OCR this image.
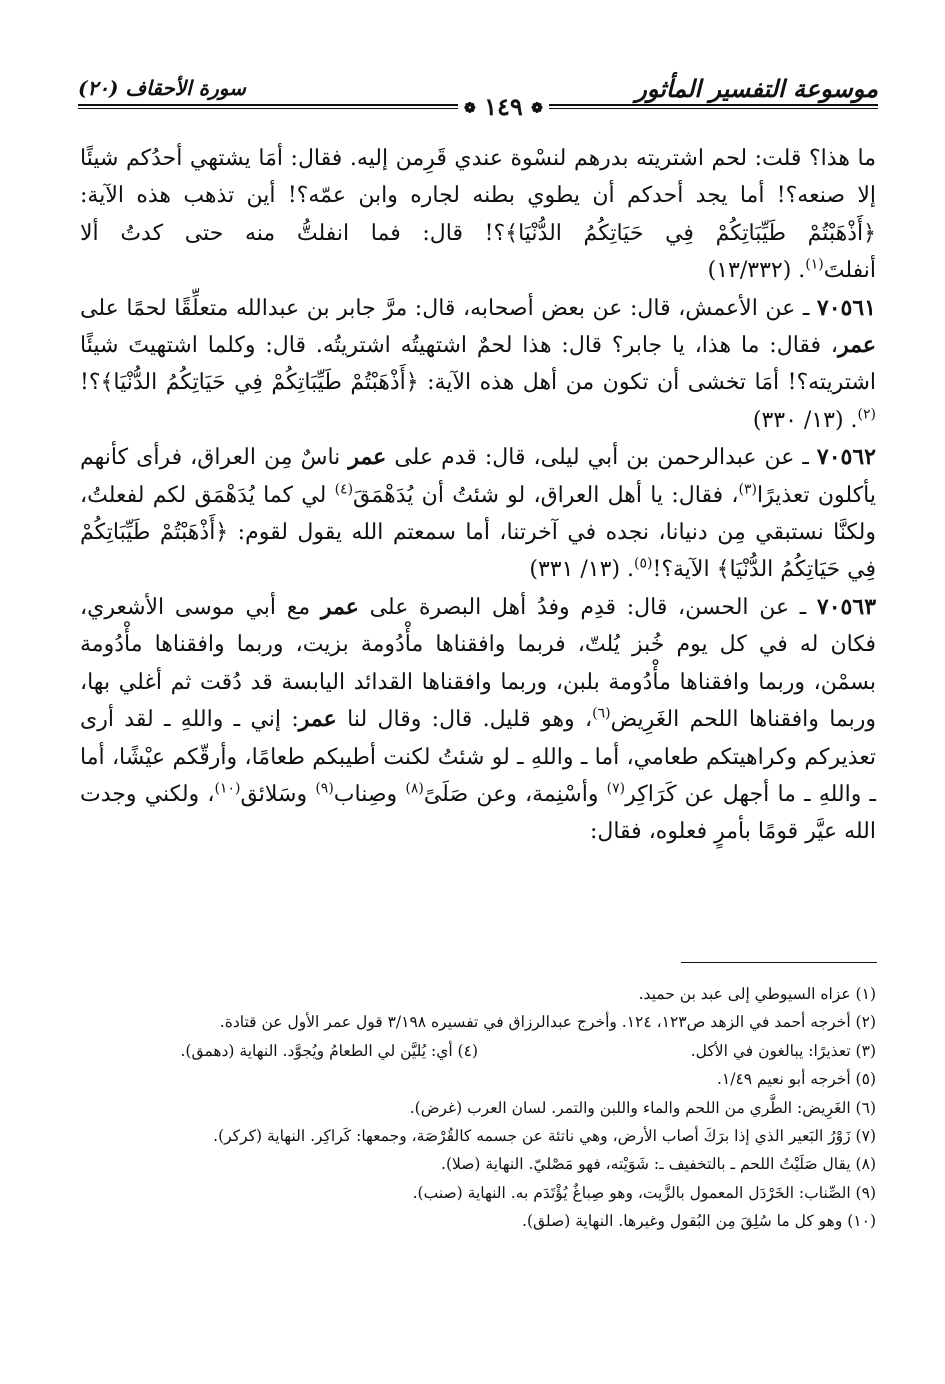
موسوعة التفسير المأثور
❁ ١٤٩ ❁
سورة الأحقاف (٢٠)

ما هذا؟ قلت: لحم اشتريته بدرهم لنسْوة عندي قَرِمن إليه. فقال: أمَا يشتهي أحدُكم شيئًا إلا صنعه؟! أما يجد أحدكم أن يطوي بطنه لجاره وابن عمّه؟! أين تذهب هذه الآية: ﴿أَذْهَبْتُمْ طَيِّبَاتِكُمْ فِي حَيَاتِكُمُ الدُّنْيَا﴾؟! قال: فما انفلتُّ منه حتى كدتُ ألا أنفلتَ$^{(١)}$. (١٣/٣٣٢)

٧٠٥٦١ ـ عن الأعمش، قال: عن بعض أصحابه، قال: مرَّ جابر بن عبدالله متعلِّقًا لحمًا على عمر، فقال: ما هذا، يا جابر؟ قال: هذا لحمٌ اشتهيتُه اشتريتُه. قال: وكلما اشتهيتَ شيئًا اشتريته؟! أمَا تخشى أن تكون من أهل هذه الآية: ﴿أَذْهَبْتُمْ طَيِّبَاتِكُمْ فِي حَيَاتِكُمُ الدُّنْيَا﴾؟!$^{(٢)}$. (١٣/ ٣٣٠)

٧٠٥٦٢ ـ عن عبدالرحمن بن أبي ليلى، قال: قدم على عمر ناسٌ مِن العراق، فرأى كأنهم يأكلون تعذيرًا$^{(٣)}$، فقال: يا أهل العراق، لو شئتُ أن يُدَهْمَقَ$^{(٤)}$ لي كما يُدَهْمَق لكم لفعلتُ، ولكنَّا نستبقي مِن دنيانا، نجده في آخرتنا، أما سمعتم الله يقول لقوم: ﴿أَذْهَبْتُمْ طَيِّبَاتِكُمْ فِي حَيَاتِكُمُ الدُّنْيَا﴾ الآية؟!$^{(٥)}$. (١٣/ ٣٣١)

٧٠٥٦٣ ـ عن الحسن، قال: قدِم وفدُ أهل البصرة على عمر مع أبي موسى الأشعري، فكان له في كل يوم خُبز يُلتّ، فربما وافقناها مأْدُومة بزيت، وربما وافقناها مأْدُومة بسمْن، وربما وافقناها مأْدُومة بلبن، وربما وافقناها القدائد اليابسة قد دُقت ثم أغلي بها، وربما وافقناها اللحم الغَرِيض$^{(٦)}$، وهو قليل. قال: وقال لنا عمر: إني ـ واللهِ ـ لقد أرى تعذيركم وكراهيتكم طعامي، أما ـ واللهِ ـ لو شئتُ لكنت أطيبكم طعامًا، وأرقّكم عيْشًا، أما ـ واللهِ ـ ما أجهل عن كَرَاكِر$^{(٧)}$ وأسْنِمة، وعن صَلَىً$^{(٨)}$ وصِناب$^{(٩)}$ وسَلائق$^{(١٠)}$، ولكني وجدت الله عيَّر قومًا بأمرٍ فعلوه، فقال:

(١) عزاه السيوطي إلى عبد بن حميد.

(٢) أخرجه أحمد في الزهد ص١٢٣، ١٢٤. وأخرج عبدالرزاق في تفسيره ٣/١٩٨ قول عمر الأول عن قتادة.

(٣) تعذيرًا: يبالغون في الأكل.

(٤) أي: يُليَّن لي الطعامُ ويُجوَّد. النهاية (دهمق).

(٥) أخرجه أبو نعيم ١/٤٩.

(٦) الغَرِيض: الطَّري من اللحم والماء واللبن والتمر. لسان العرب (غرض).

(٧) زَوْرُ البَعير الذي إذا برَكَ أصاب الأرض، وهي ناتئة عن جسمه كالقُرْصَة، وجمعها: كَراكِر. النهاية (كركر).

(٨) يقال صَلَيْتُ اللحم ـ بالتخفيف ـ: شَوَيْته، فهو مَصْليّ. النهاية (صلا).

(٩) الصِّناب: الخَرْدَل المعمول بالزَّيت، وهو صِباغٌ يُؤْتَدَم به. النهاية (صنب).

(١٠) وهو كل ما سُلِقَ مِن البُقول وغيرها. النهاية (صلق).
